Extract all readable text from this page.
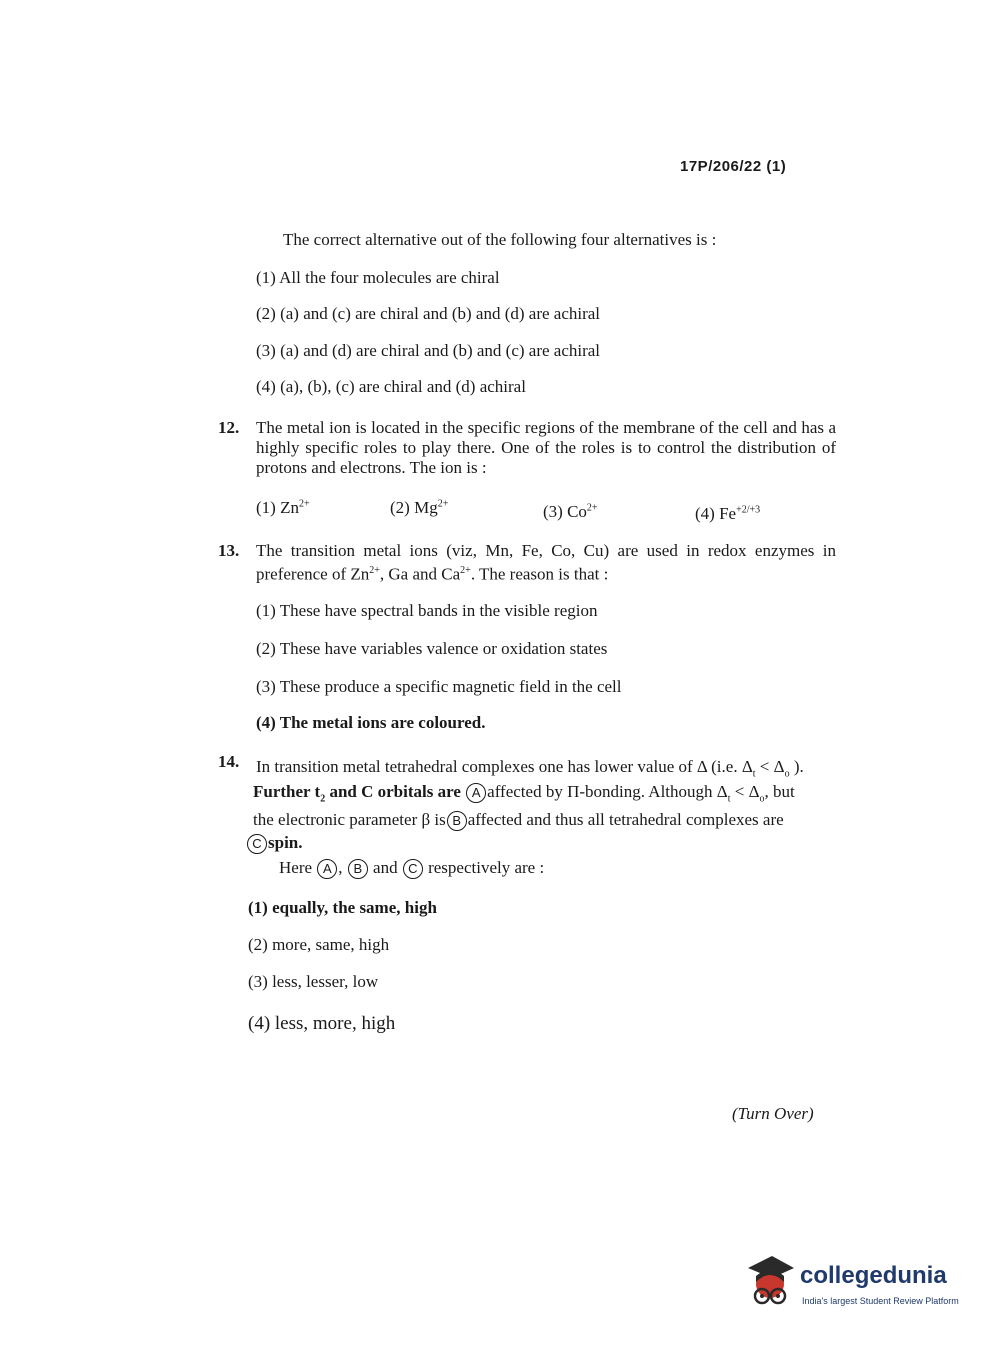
17P/206/22 (1)
The correct alternative out of the following four alternatives is :
(1) All the four molecules are chiral
(2) (a) and (c) are chiral and (b) and (d) are achiral
(3) (a) and (d) are chiral and (b) and (c) are achiral
(4) (a), (b), (c) are chiral and (d) achiral
12. The metal ion is located in the specific regions of the membrane of the cell and has a highly specific roles to play there. One of the roles is to control the distribution of protons and electrons. The ion is :
(1) $Zn^{2+}$	(2) $Mg^{2+}$	(3) $Co^{2+}$	(4) $Fe^{+2/+3}$
13. The transition metal ions (viz, Mn, Fe, Co, Cu) are used in redox enzymes in preference of $Zn^{2+}$, Ga and $Ca^{2+}$. The reason is that :
(1) These have spectral bands in the visible region
(2) These have variables valence or oxidation states
(3) These produce a specific magnetic field in the cell
(4) The metal ions are coloured.
14. In transition metal tetrahedral complexes one has lower value of Δ (i.e. $\Delta_t < \Delta_o$ ).
Further $t_2$ and C orbitals are A affected by Π-bonding. Although $\Delta_t < \Delta_o$, but
the electronic parameter β is B affected and thus all tetrahedral complexes are
C spin.
Here A , B and C respectively are :
(1) equally, the same, high
(2) more, same, high
(3) less, lesser, low
(4) less, more, high
(Turn Over)
collegedunia
India's largest Student Review Platform
